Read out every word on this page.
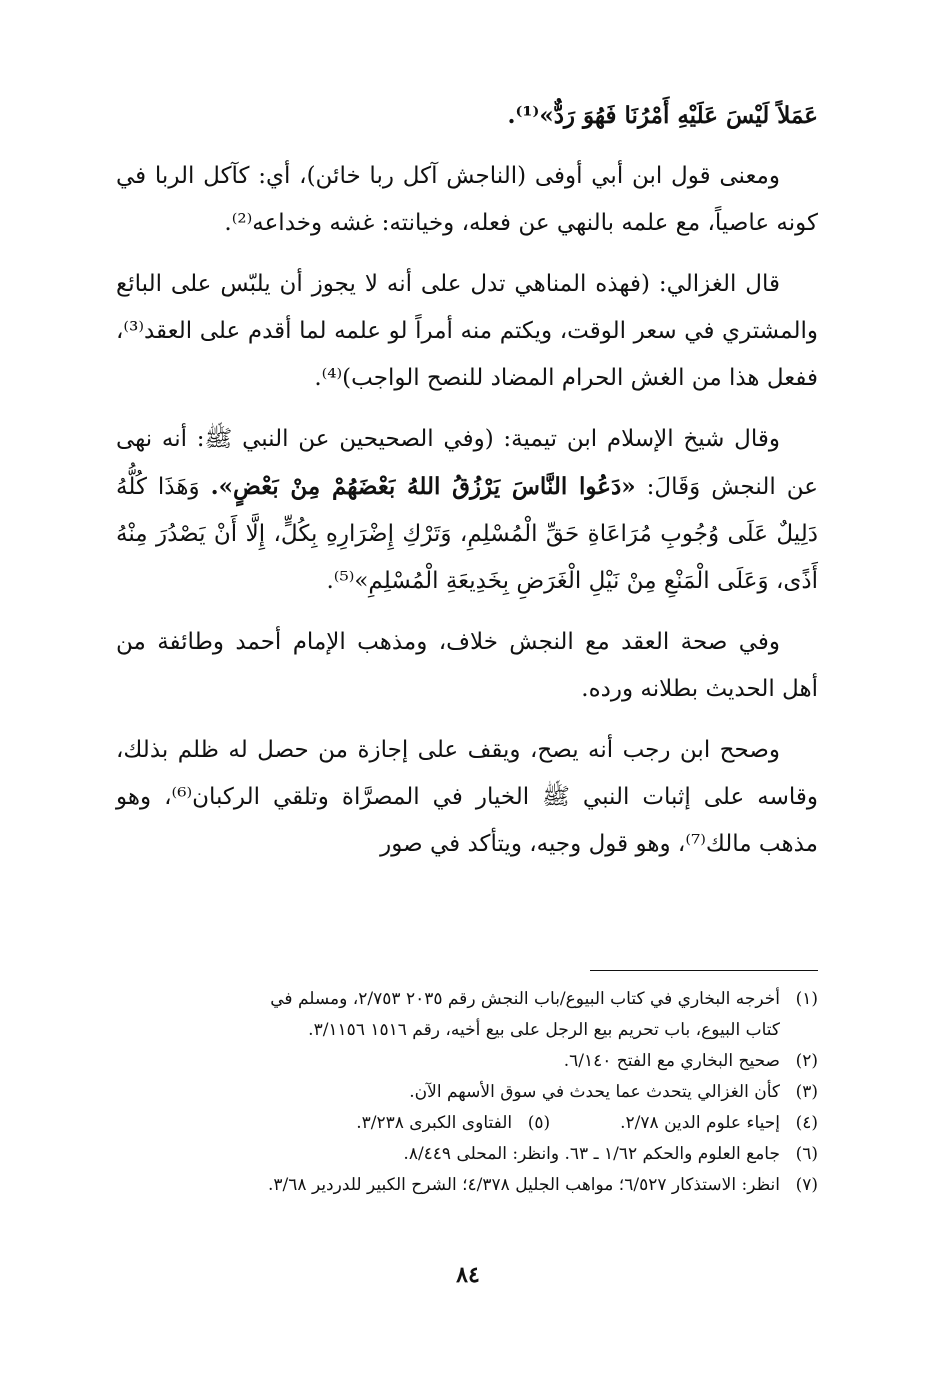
عَمَلاً لَيْسَ عَلَيْهِ أَمْرُنَا فَهُوَ رَدٌّ»⁽¹⁾.

ومعنى قول ابن أبي أوفى (الناجش آكل ربا خائن)، أي: كآكل الربا في كونه عاصياً، مع علمه بالنهي عن فعله، وخيانته: غشه وخداعه⁽²⁾.

قال الغزالي: (فهذه المناهي تدل على أنه لا يجوز أن يلبّس على البائع والمشتري في سعر الوقت، ويكتم منه أمراً لو علمه لما أقدم على العقد⁽³⁾، ففعل هذا من الغش الحرام المضاد للنصح الواجب)⁽⁴⁾.

وقال شيخ الإسلام ابن تيمية: (وفي الصحيحين عن النبي ﷺ: أنه نهى عن النجش وَقَالَ: «دَعُوا النَّاسَ يَرْزُقُ اللهُ بَعْضَهُمْ مِنْ بَعْضٍ». وَهَذَا كُلُّهُ دَلِيلٌ عَلَى وُجُوبِ مُرَاعَاةِ حَقِّ الْمُسْلِمِ، وَتَرْكِ إِضْرَارِهِ بِكُلٍّ، إِلَّا أَنْ يَصْدُرَ مِنْهُ أَذًى، وَعَلَى الْمَنْعِ مِنْ نَيْلِ الْغَرَضِ بِخَدِيعَةِ الْمُسْلِمِ»⁽⁵⁾.

وفي صحة العقد مع النجش خلاف، ومذهب الإمام أحمد وطائفة من أهل الحديث بطلانه ورده.

وصحح ابن رجب أنه يصح، ويقف على إجازة من حصل له ظلم بذلك، وقاسه على إثبات النبي ﷺ الخيار في المصرَّاة وتلقي الركبان⁽⁶⁾، وهو مذهب مالك⁽⁷⁾، وهو قول وجيه، ويتأكد في صور

(١)أخرجه البخاري في كتاب البيوع/باب النجش رقم ٢٠٣٥ ٢/٧٥٣، ومسلم في
كتاب البيوع، باب تحريم بيع الرجل على بيع أخيه، رقم ١٥١٦ ٣/١١٥٦.
(٢)صحيح البخاري مع الفتح ٦/١٤٠.
(٣)كأن الغزالي يتحدث عما يحدث في سوق الأسهم الآن.
(٤)إحياء علوم الدين ٢/٧٨.
(٥)الفتاوى الكبرى ٣/٢٣٨.
(٦)جامع العلوم والحكم ١/٦٢ ـ ٦٣. وانظر: المحلى ٨/٤٤٩.
(٧)انظر: الاستذكار ٦/٥٢٧؛ مواهب الجليل ٤/٣٧٨؛ الشرح الكبير للدردير ٣/٦٨.
٨٤
